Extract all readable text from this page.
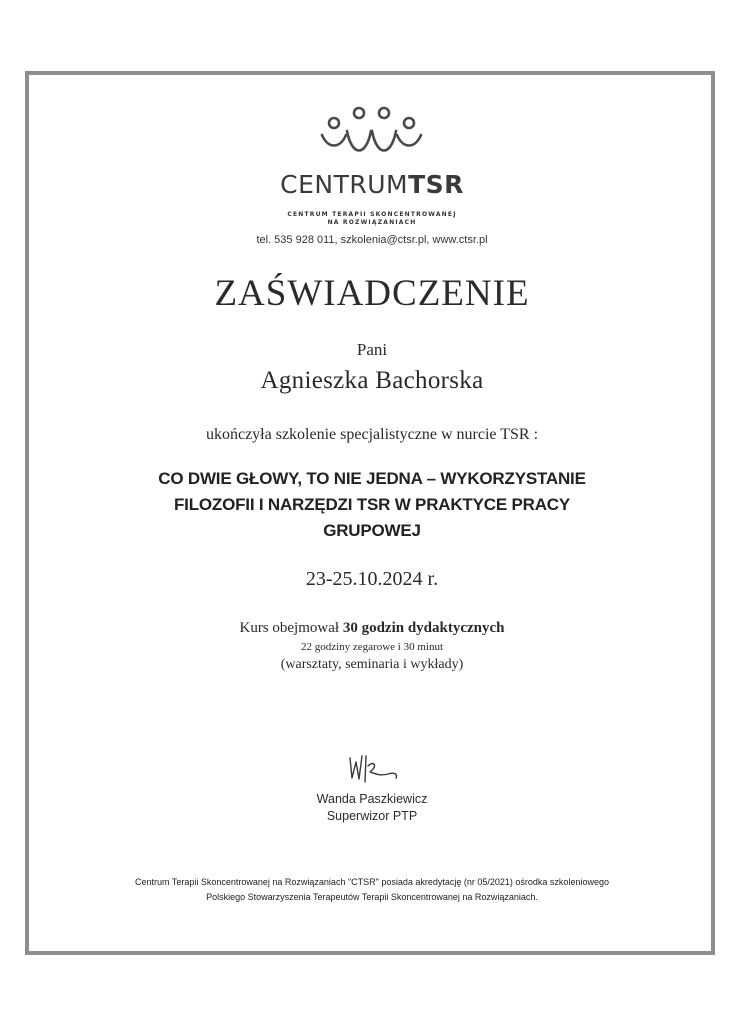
CENTRUMTSR
CENTRUM TERAPII SKONCENTROWANEJ
NA ROZWIĄZANIACH
tel. 535 928 011, szkolenia@ctsr.pl, www.ctsr.pl
ZAŚWIADCZENIE
Pani
Agnieszka Bachorska
ukończyła szkolenie specjalistyczne w nurcie TSR :
CO DWIE GŁOWY, TO NIE JEDNA – WYKORZYSTANIE
FILOZOFII I NARZĘDZI TSR W PRAKTYCE PRACY
GRUPOWEJ
23-25.10.2024 r.
Kurs obejmował 30 godzin dydaktycznych
22 godziny zegarowe i 30 minut
(warsztaty, seminaria i wykłady)
Wanda Paszkiewicz
Superwizor PTP
Centrum Terapii Skoncentrowanej na Rozwiązaniach "CTSR" posiada akredytację (nr 05/2021) ośrodka szkoleniowego
Polskiego Stowarzyszenia Terapeutów Terapii Skoncentrowanej na Rozwiązaniach.
